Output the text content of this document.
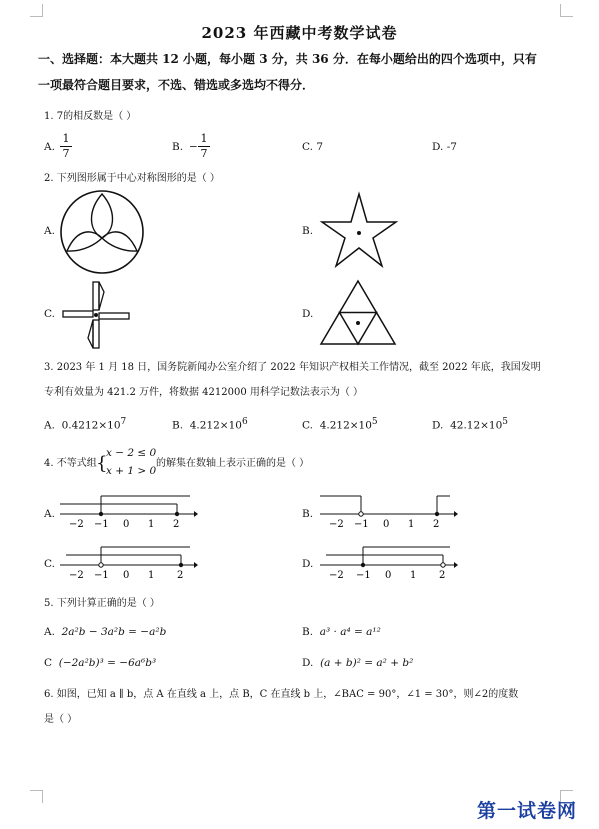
2023 年西藏中考数学试卷
一、选择题：本大题共 12 小题，每小题 3 分，共 36 分．在每小题给出的四个选项中，只有
一项最符合题目要求，不选、错选或多选均不得分．
1. 7的相反数是（ ）
A. $\frac{1}{7}$	B. − $\frac{1}{7}$	C. 7	D. -7
2. 下列图形属于中心对称图形的是（ ）
A.	B.
C.	D.
3. 2023 年 1 月 18 日，国务院新闻办公室介绍了 2022 年知识产权相关工作情况，截至 2022 年底，我国发明
专利有效量为 421.2 万件，将数据 4212000 用科学记数法表示为（ ）
A. $0.4212\times 10^7$	B. $4.212\times 10^6$	C. $4.212\times 10^5$	D. $42.12\times 10^5$
4. 不等式组 {
x − 2 ≤ 0
x + 1 > 0
的解集在数轴上表示正确的是（ ）
A.	B.
C.	D.
−2 −1 0 1 2	−2 −1 0 1 2
−2 −1 0 1 2	−2 −1 0 1 2
5. 下列计算正确的是（ ）
A. 2a²b − 3a²b = −a²b	B. a³ · a⁴ = a¹²
C (−2a²b)³ = −6a⁶b³	D. (a + b)² = a² + b²
6. 如图，已知 a ∥ b，点 A 在直线 a 上，点 B，C 在直线 b 上，∠BAC = 90°，∠1 = 30°，则∠2的度数
是（ ）
第一试卷网
